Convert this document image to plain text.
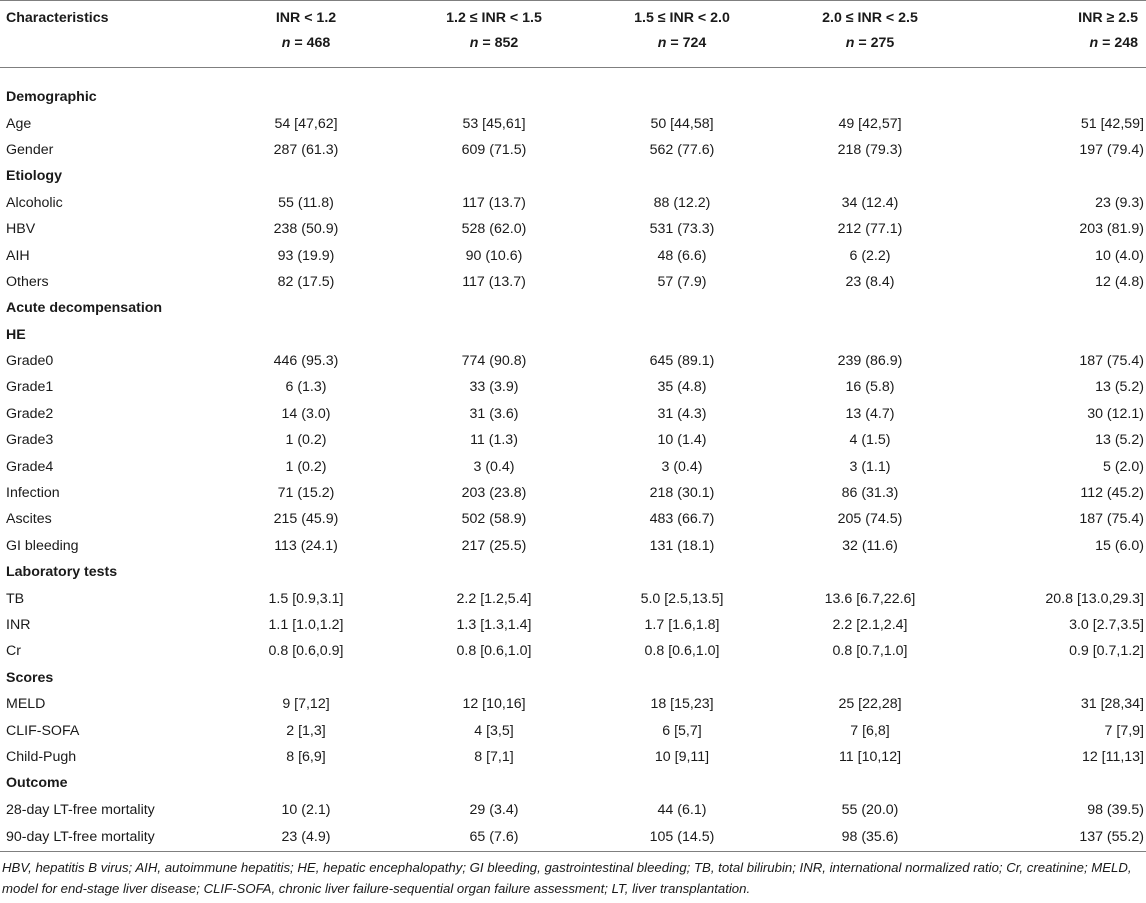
Characteristics	INR < 1.2	1.2 ≤ INR < 1.5	1.5 ≤ INR < 2.0	2.0 ≤ INR < 2.5	INR ≥ 2.5
	n = 468	n = 852	n = 724	n = 275	n = 248

Demographic					
Age	54 [47,62]	53 [45,61]	50 [44,58]	49 [42,57]	51 [42,59]
Gender	287 (61.3)	609 (71.5)	562 (77.6)	218 (79.3)	197 (79.4)
Etiology					
Alcoholic	55 (11.8)	117 (13.7)	88 (12.2)	34 (12.4)	23 (9.3)
HBV	238 (50.9)	528 (62.0)	531 (73.3)	212 (77.1)	203 (81.9)
AIH	93 (19.9)	90 (10.6)	48 (6.6)	6 (2.2)	10 (4.0)
Others	82 (17.5)	117 (13.7)	57 (7.9)	23 (8.4)	12 (4.8)
Acute decompensation					
HE					
Grade0	446 (95.3)	774 (90.8)	645 (89.1)	239 (86.9)	187 (75.4)
Grade1	6 (1.3)	33 (3.9)	35 (4.8)	16 (5.8)	13 (5.2)
Grade2	14 (3.0)	31 (3.6)	31 (4.3)	13 (4.7)	30 (12.1)
Grade3	1 (0.2)	11 (1.3)	10 (1.4)	4 (1.5)	13 (5.2)
Grade4	1 (0.2)	3 (0.4)	3 (0.4)	3 (1.1)	5 (2.0)
Infection	71 (15.2)	203 (23.8)	218 (30.1)	86 (31.3)	112 (45.2)
Ascites	215 (45.9)	502 (58.9)	483 (66.7)	205 (74.5)	187 (75.4)
GI bleeding	113 (24.1)	217 (25.5)	131 (18.1)	32 (11.6)	15 (6.0)
Laboratory tests					
TB	1.5 [0.9,3.1]	2.2 [1.2,5.4]	5.0 [2.5,13.5]	13.6 [6.7,22.6]	20.8 [13.0,29.3]
INR	1.1 [1.0,1.2]	1.3 [1.3,1.4]	1.7 [1.6,1.8]	2.2 [2.1,2.4]	3.0 [2.7,3.5]
Cr	0.8 [0.6,0.9]	0.8 [0.6,1.0]	0.8 [0.6,1.0]	0.8 [0.7,1.0]	0.9 [0.7,1.2]
Scores					
MELD	9 [7,12]	12 [10,16]	18 [15,23]	25 [22,28]	31 [28,34]
CLIF-SOFA	2 [1,3]	4 [3,5]	6 [5,7]	7 [6,8]	7 [7,9]
Child-Pugh	8 [6,9]	8 [7,1]	10 [9,11]	11 [10,12]	12 [11,13]
Outcome					
28-day LT-free mortality	10 (2.1)	29 (3.4)	44 (6.1)	55 (20.0)	98 (39.5)
90-day LT-free mortality	23 (4.9)	65 (7.6)	105 (14.5)	98 (35.6)	137 (55.2)
HBV, hepatitis B virus; AIH, autoimmune hepatitis; HE, hepatic encephalopathy; GI bleeding, gastrointestinal bleeding; TB, total bilirubin; INR, international normalized ratio; Cr, creatinine; MELD, model for end-stage liver disease; CLIF-SOFA, chronic liver failure-sequential organ failure assessment; LT, liver transplantation.
